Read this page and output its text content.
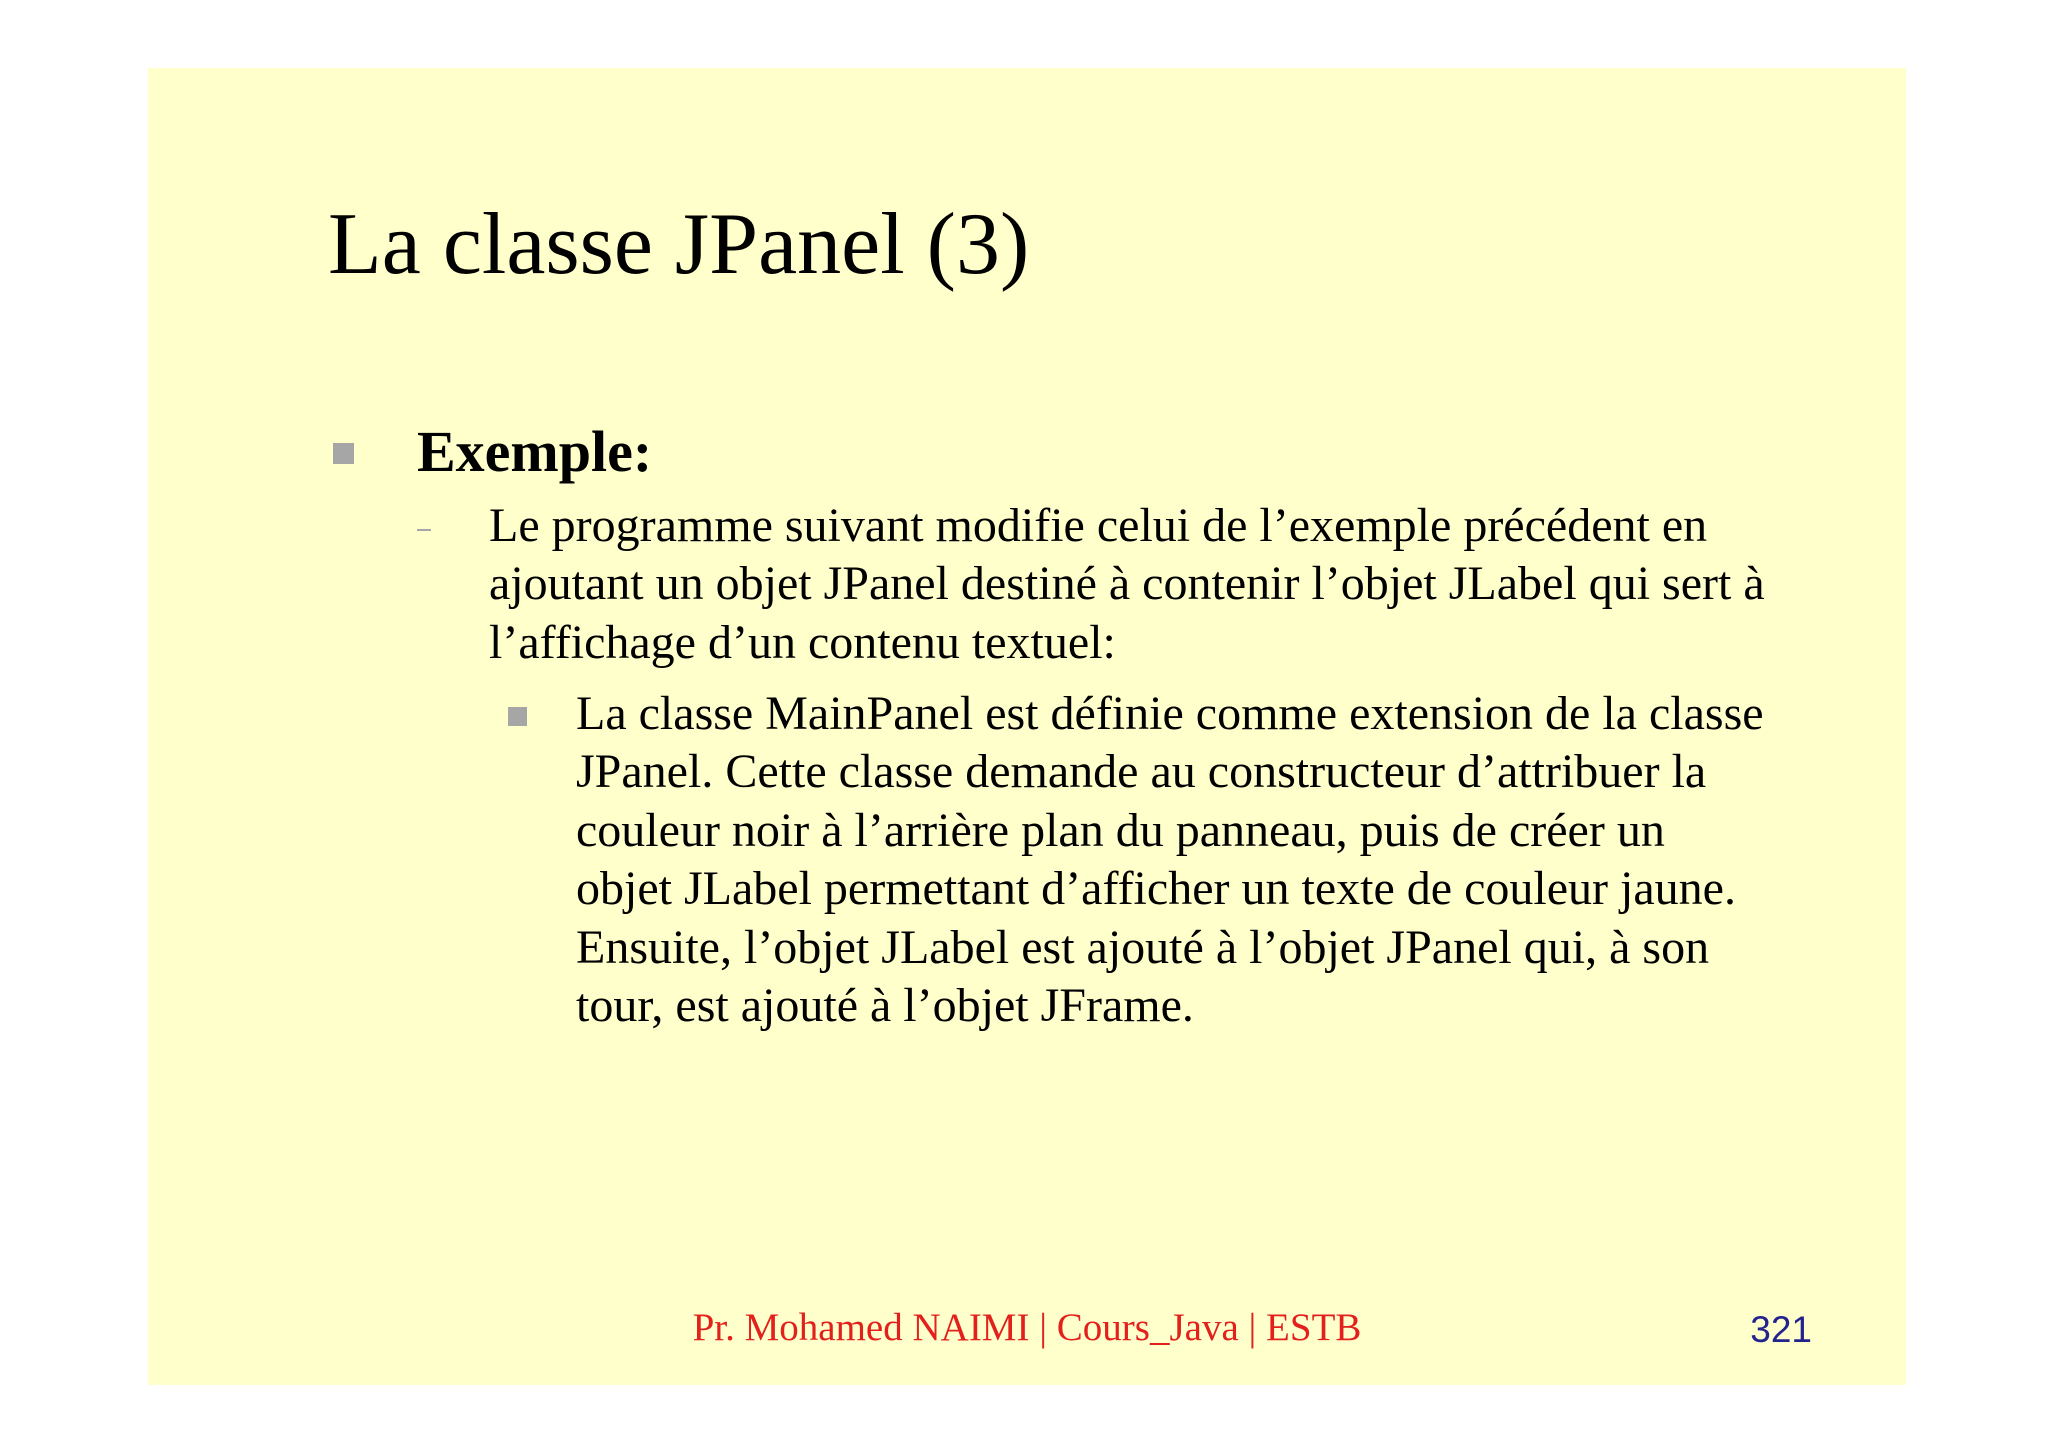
La classe JPanel (3)
Exemple:
Le programme suivant modifie celui de l’exemple précédent en
ajoutant un objet JPanel destiné à contenir l’objet JLabel qui sert à
l’affichage d’un contenu textuel:
La classe MainPanel est définie comme extension de la classe
JPanel. Cette classe demande au constructeur d’attribuer la
couleur noir à l’arrière plan du panneau, puis de créer un
objet JLabel permettant d’afficher un texte de couleur jaune.
Ensuite, l’objet JLabel est ajouté à l’objet JPanel qui, à son
tour, est ajouté à l’objet JFrame.
Pr. Mohamed NAIMI | Cours_Java | ESTB	321
